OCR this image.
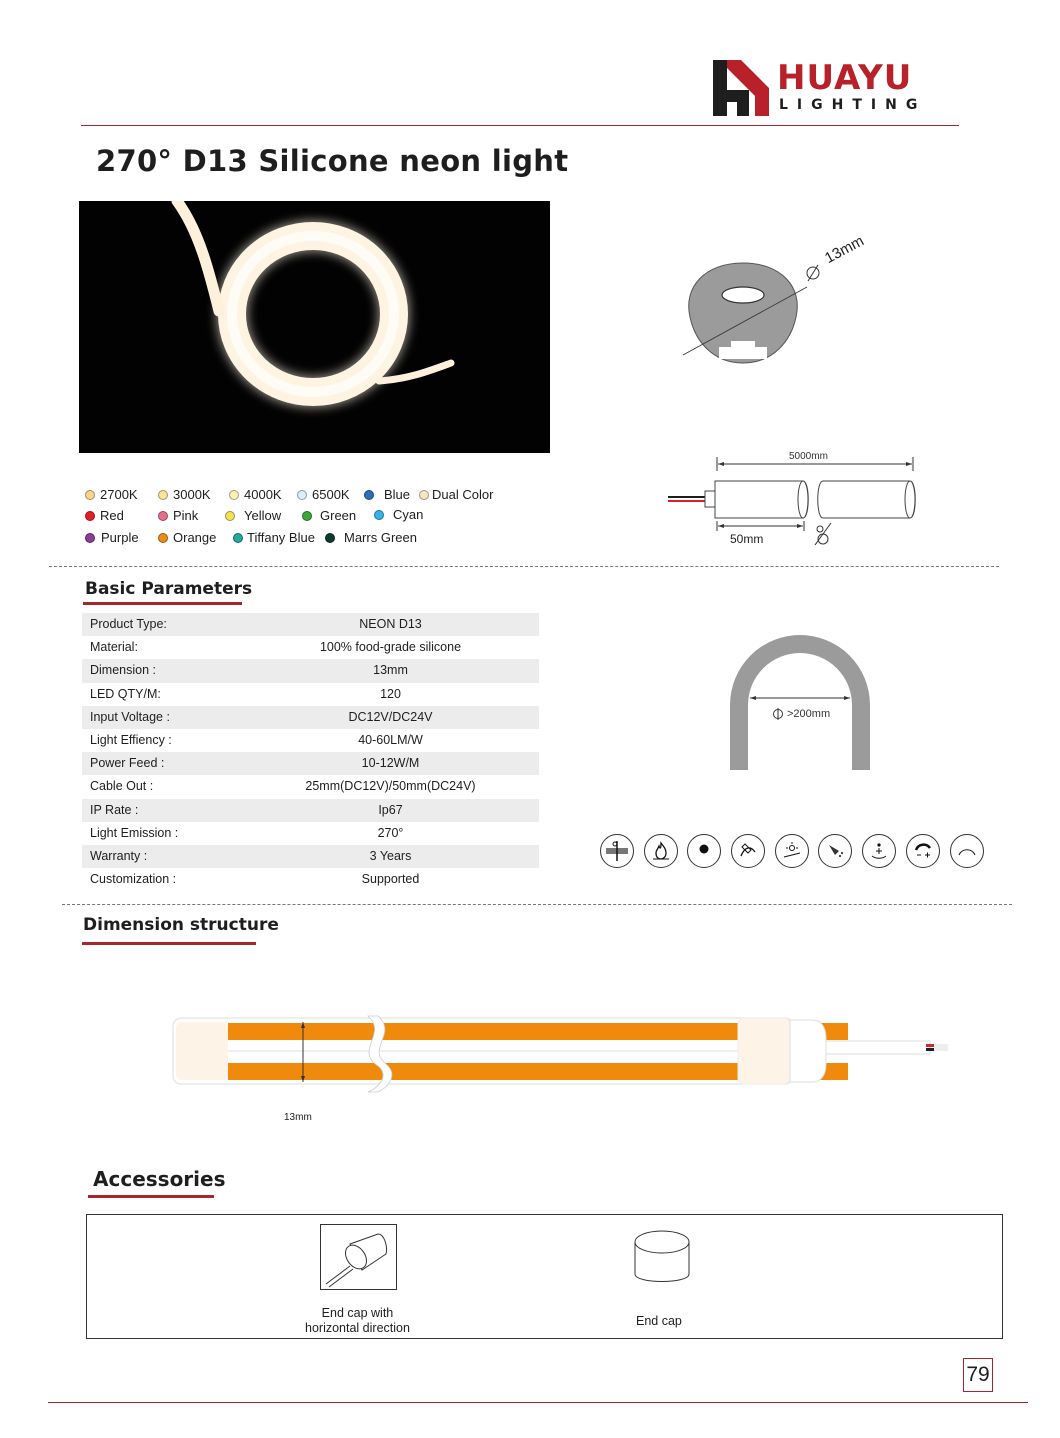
HUAYU
LIGHTING
270° D13 Silicone neon light
13mm
5000mm
50mm
2700K	3000K	4000K 6500K	Blue Dual Color
Red	Pink	Yellow	Green	Cyan
Purple	Orange Tiffany Blue Marrs Green
Basic Parameters
Product Type:	NEON D13
Material:	100% food-grade silicone
Dimension :	13mm
LED QTY/M:	120
Input Voltage :	DC12V/DC24V
Light Effiency :	40-60LM/W
Power Feed :	10-12W/M
Cable Out :	25mm(DC12V)/50mm(DC24V)
IP Rate :	Ip67
Light Emission :	270°
Warranty :	3 Years
Customization :	Supported
>200mm
Dimension structure
13mm
Accessories
End cap with
horizontal direction	End cap
79
